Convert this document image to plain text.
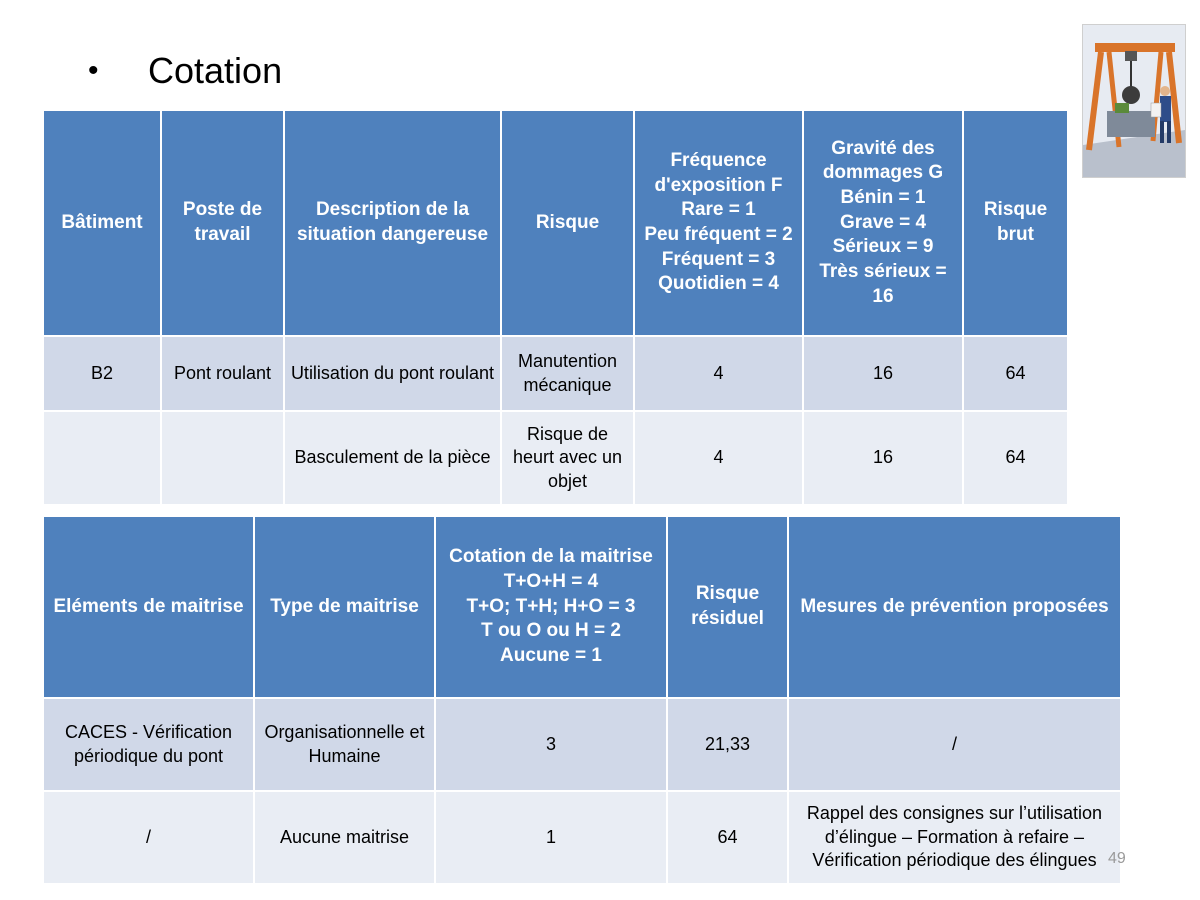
•	Cotation
Bâtiment	Poste de travail	Description de la situation dangereuse	Risque	Fréquence d'exposition F
Rare = 1
Peu fréquent = 2
Fréquent = 3
Quotidien = 4	Gravité des dommages G
Bénin = 1
Grave = 4
Sérieux = 9
Très sérieux = 16	Risque brut
B2	Pont roulant	Utilisation du pont roulant	Manutention mécanique	4	16	64
		Basculement de la pièce	Risque de heurt avec un objet	4	16	64
Eléments de maitrise	Type de maitrise	Cotation de la maitrise
T+O+H = 4
T+O; T+H; H+O = 3
T ou O ou H = 2
Aucune = 1	Risque résiduel	Mesures de prévention proposées
CACES - Vérification périodique du pont	Organisationnelle et Humaine	3	21,33	/
/	Aucune maitrise	1	64	Rappel des consignes sur l’utilisation d’élingue – Formation à refaire – Vérification périodique des élingues 49
